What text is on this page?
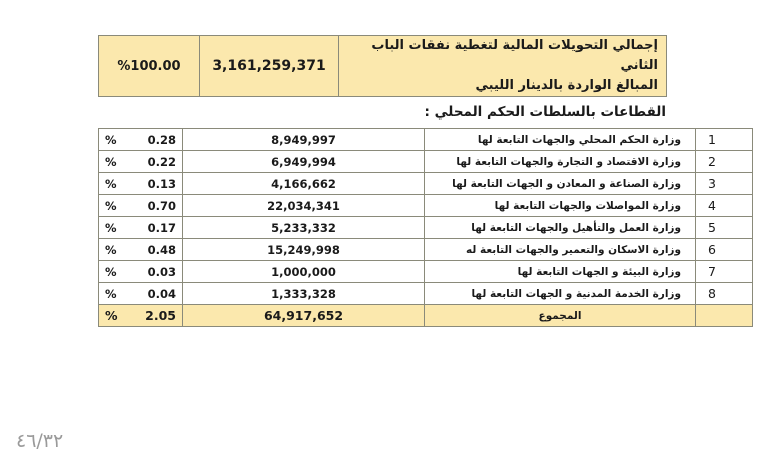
%100.00	3,161,259,371	
إجمالي التحويلات المالية لتغطية نفقات الباب الثاني
المبالغ الواردة بالدينار الليبي
القطاعات بالسلطات الحكم المحلي :
% 0.28	8,949,997	وزارة الحكم المحلي والجهات التابعة لها	1

% 0.22	6,949,994	وزارة الاقتصاد و التجارة والجهات التابعة لها	2

% 0.13	4,166,662	وزارة الصناعة و المعادن و الجهات التابعة لها	3

% 0.70	22,034,341	وزارة المواصلات والجهات التابعة لها	4

% 0.17	5,233,332	وزارة العمل والتأهيل والجهات التابعة لها	5

% 0.48	15,249,998	وزارة الاسكان والتعمير والجهات التابعة له	6

% 0.03	1,000,000	وزارة البيئة و الجهات التابعة لها	7

% 0.04	1,333,328	وزارة الخدمة المدنية و الجهات التابعة لها	8

% 2.05	64,917,652	المجموع	
٤٦/٣٢
